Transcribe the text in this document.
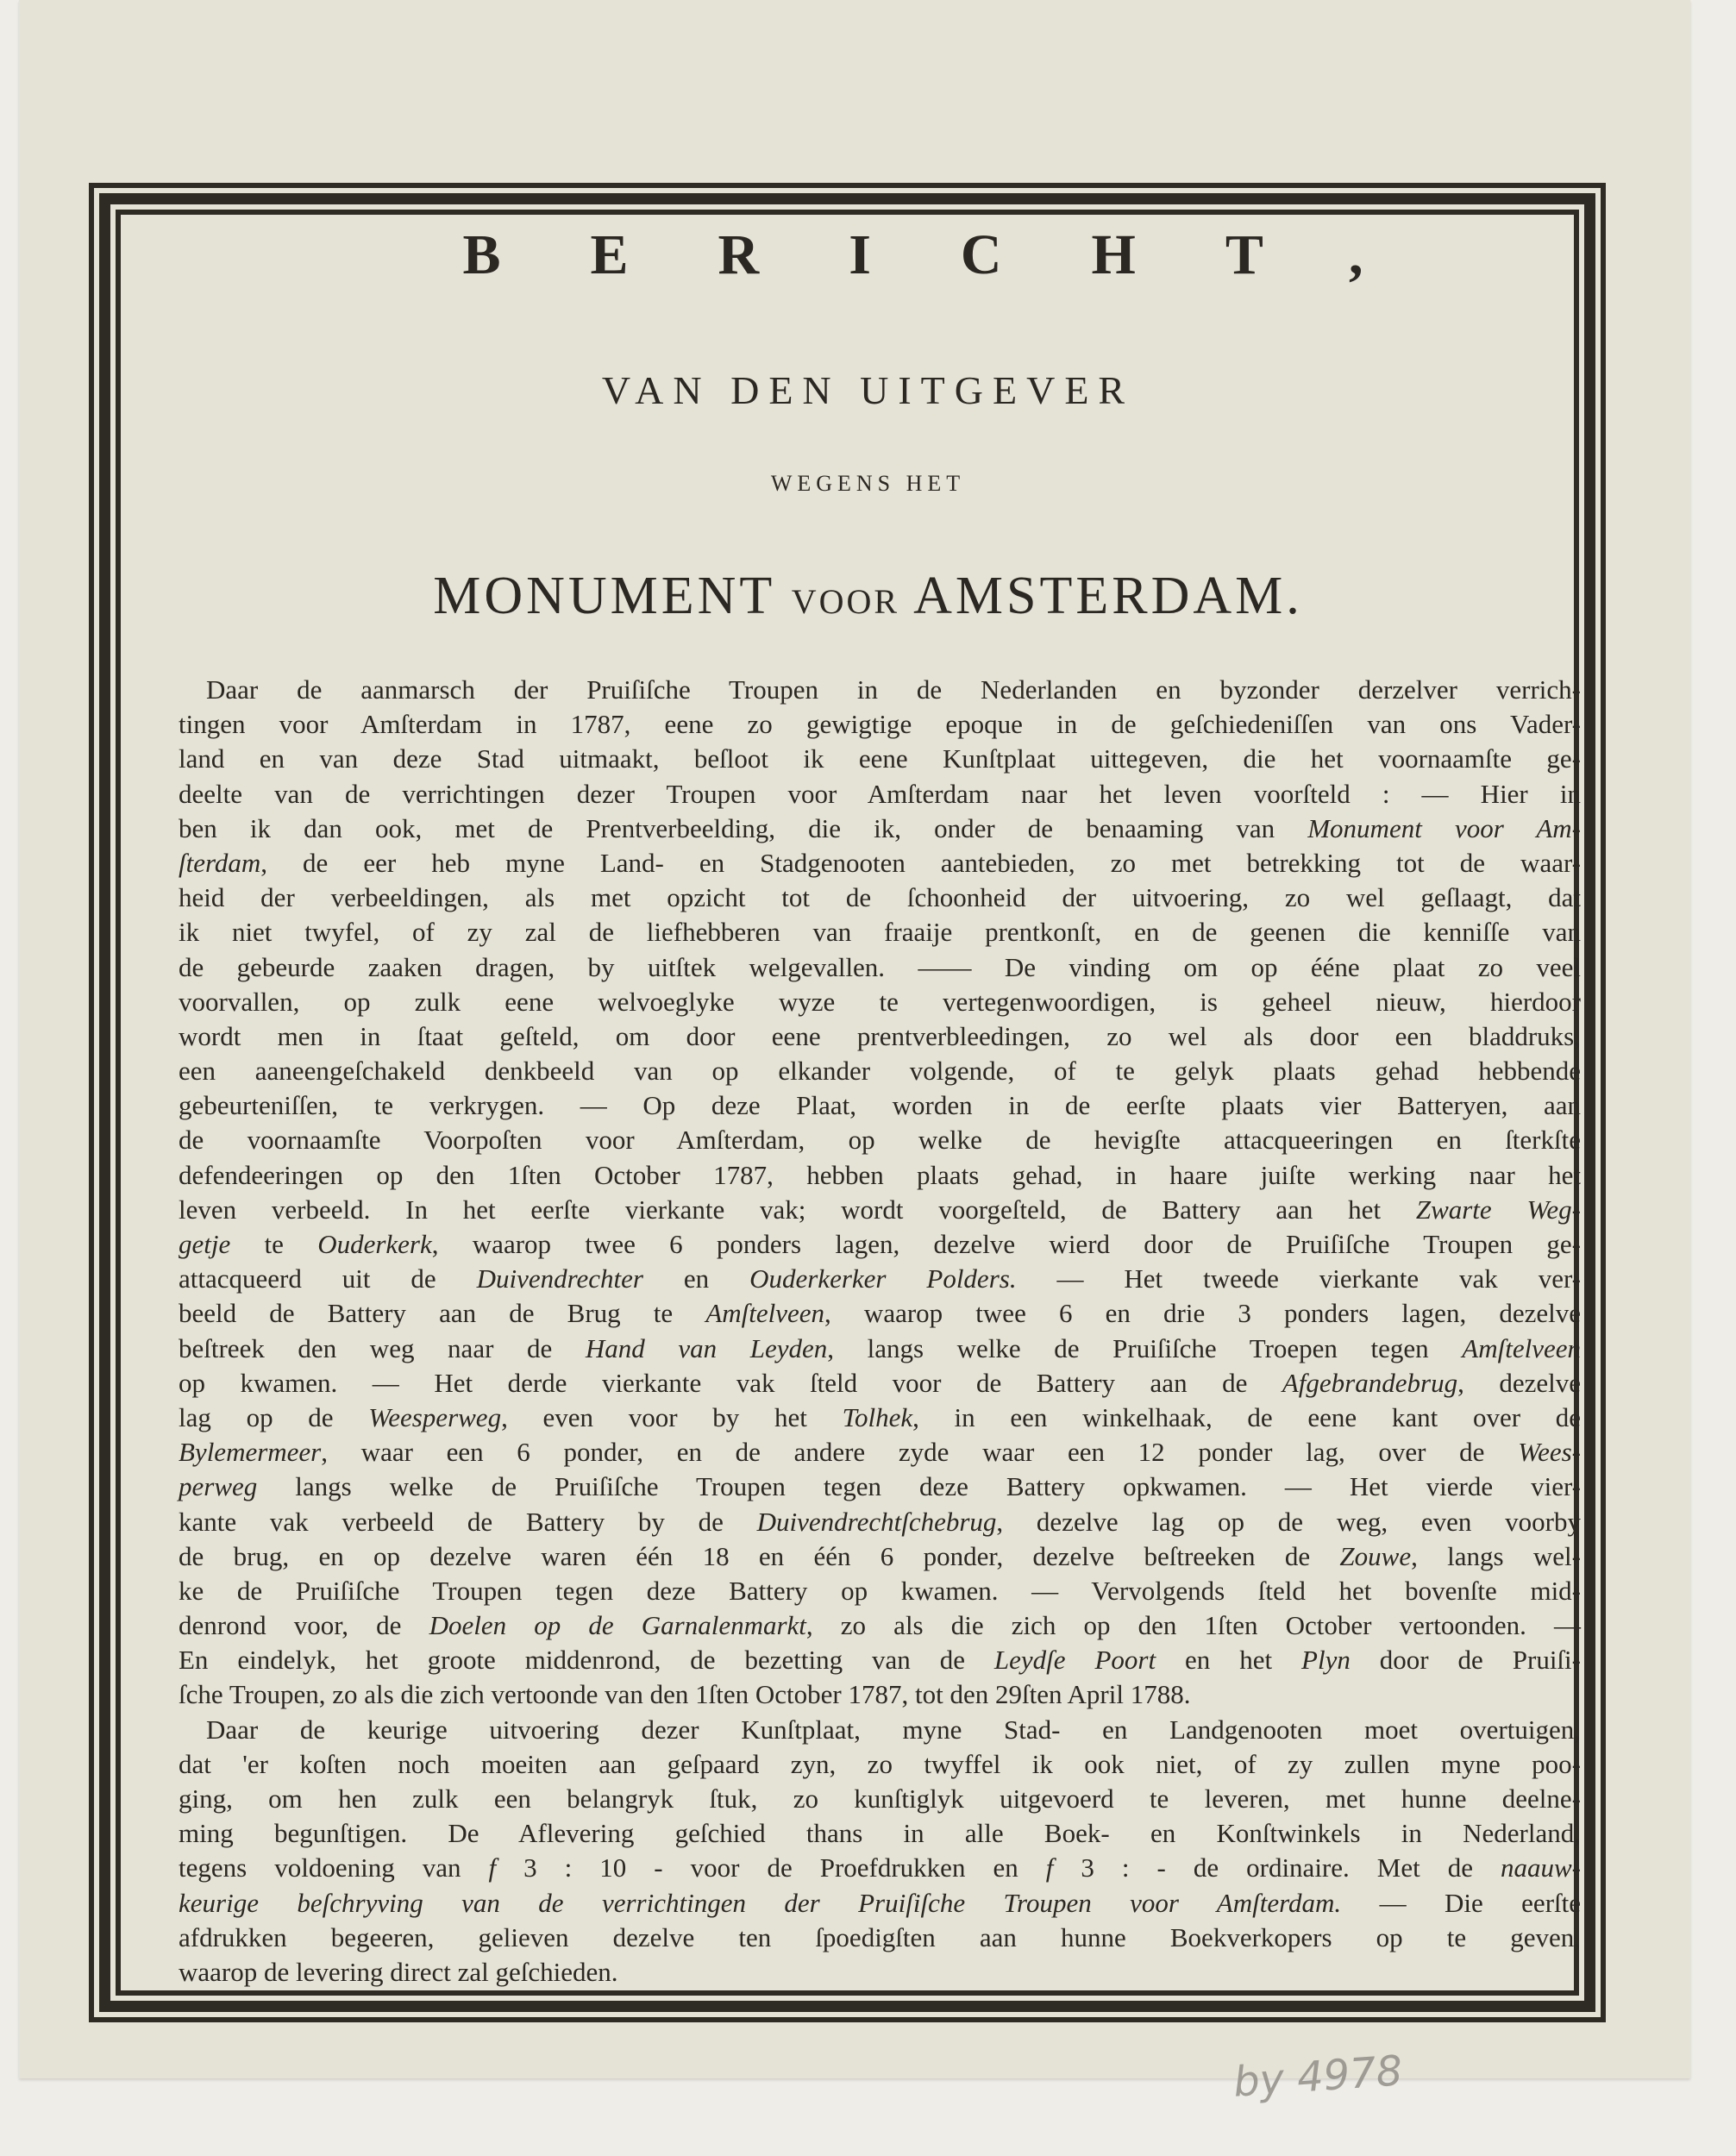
BERICHT,
VAN DEN UITGEVER
WEGENS HET
MONUMENT VOOR AMSTERDAM.
Daar de aanmarsch der Pruiſiſche Troupen in de Nederlanden en byzonder derzelver verrich-
tingen voor Amſterdam in 1787, eene zo gewigtige epoque in de geſchiedeniſſen van ons Vader-
land en van deze Stad uitmaakt, beſloot ik eene Kunſtplaat uittegeven, die het voornaamſte ge-
deelte van de verrichtingen dezer Troupen voor Amſterdam naar het leven voorſteld : — Hier in
ben ik dan ook, met de Prentverbeelding, die ik, onder de benaaming van Monument voor Am-
ſterdam, de eer heb myne Land- en Stadgenooten aantebieden, zo met betrekking tot de waar-
heid der verbeeldingen, als met opzicht tot de ſchoonheid der uitvoering, zo wel geſlaagt, dat
ik niet twyfel, of zy zal de liefhebberen van fraaije prentkonſt, en de geenen die kenniſſe van
de gebeurde zaaken dragen, by uitſtek welgevallen. —— De vinding om op ééne plaat zo veel
voorvallen, op zulk eene welvoeglyke wyze te vertegenwoordigen, is geheel nieuw, hierdoor
wordt men in ſtaat geſteld, om door eene prentverbleedingen, zo wel als door een bladdruks,
een aaneengeſchakeld denkbeeld van op elkander volgende, of te gelyk plaats gehad hebbende
gebeurteniſſen, te verkrygen. — Op deze Plaat, worden in de eerſte plaats vier Batteryen, aan
de voornaamſte Voorpoſten voor Amſterdam, op welke de hevigſte attacqueeringen en ſterkſte
defendeeringen op den 1ſten October 1787, hebben plaats gehad, in haare juiſte werking naar het
leven verbeeld. In het eerſte vierkante vak; wordt voorgeſteld, de Battery aan het Zwarte Weg-
getje te Ouderkerk, waarop twee 6 ponders lagen, dezelve wierd door de Pruiſiſche Troupen ge-
attacqueerd uit de Duivendrechter en Ouderkerker Polders. — Het tweede vierkante vak ver-
beeld de Battery aan de Brug te Amſtelveen, waarop twee 6 en drie 3 ponders lagen, dezelve
beſtreek den weg naar de Hand van Leyden, langs welke de Pruiſiſche Troepen tegen Amſtelveen
op kwamen. — Het derde vierkante vak ſteld voor de Battery aan de Afgebrandebrug, dezelve
lag op de Weesperweg, even voor by het Tolhek, in een winkelhaak, de eene kant over de
Bylemermeer, waar een 6 ponder, en de andere zyde waar een 12 ponder lag, over de Wees-
perweg langs welke de Pruiſiſche Troupen tegen deze Battery opkwamen. — Het vierde vier-
kante vak verbeeld de Battery by de Duivendrechtſchebrug, dezelve lag op de weg, even voorby
de brug, en op dezelve waren één 18 en één 6 ponder, dezelve beſtreeken de Zouwe, langs wel-
ke de Pruiſiſche Troupen tegen deze Battery op kwamen. — Vervolgends ſteld het bovenſte mid-
denrond voor, de Doelen op de Garnalenmarkt, zo als die zich op den 1ſten October vertoonden. —
En eindelyk, het groote middenrond, de bezetting van de Leydſe Poort en het Plyn door de Pruiſi-
ſche Troupen, zo als die zich vertoonde van den 1ſten October 1787, tot den 29ſten April 1788.
Daar de keurige uitvoering dezer Kunſtplaat, myne Stad- en Landgenooten moet overtuigen,
dat 'er koſten noch moeiten aan geſpaard zyn, zo twyffel ik ook niet, of zy zullen myne poo-
ging, om hen zulk een belangryk ſtuk, zo kunſtiglyk uitgevoerd te leveren, met hunne deelne-
ming begunſtigen. De Aflevering geſchied thans in alle Boek- en Konſtwinkels in Nederland,
tegens voldoening van f 3 : 10 - voor de Proefdrukken en f 3 : - de ordinaire. Met de naauw-
keurige beſchryving van de verrichtingen der Pruiſiſche Troupen voor Amſterdam. — Die eerſte
afdrukken begeeren, gelieven dezelve ten ſpoedigſten aan hunne Boekverkopers op te geven,
waarop de levering direct zal geſchieden.
by 4978
